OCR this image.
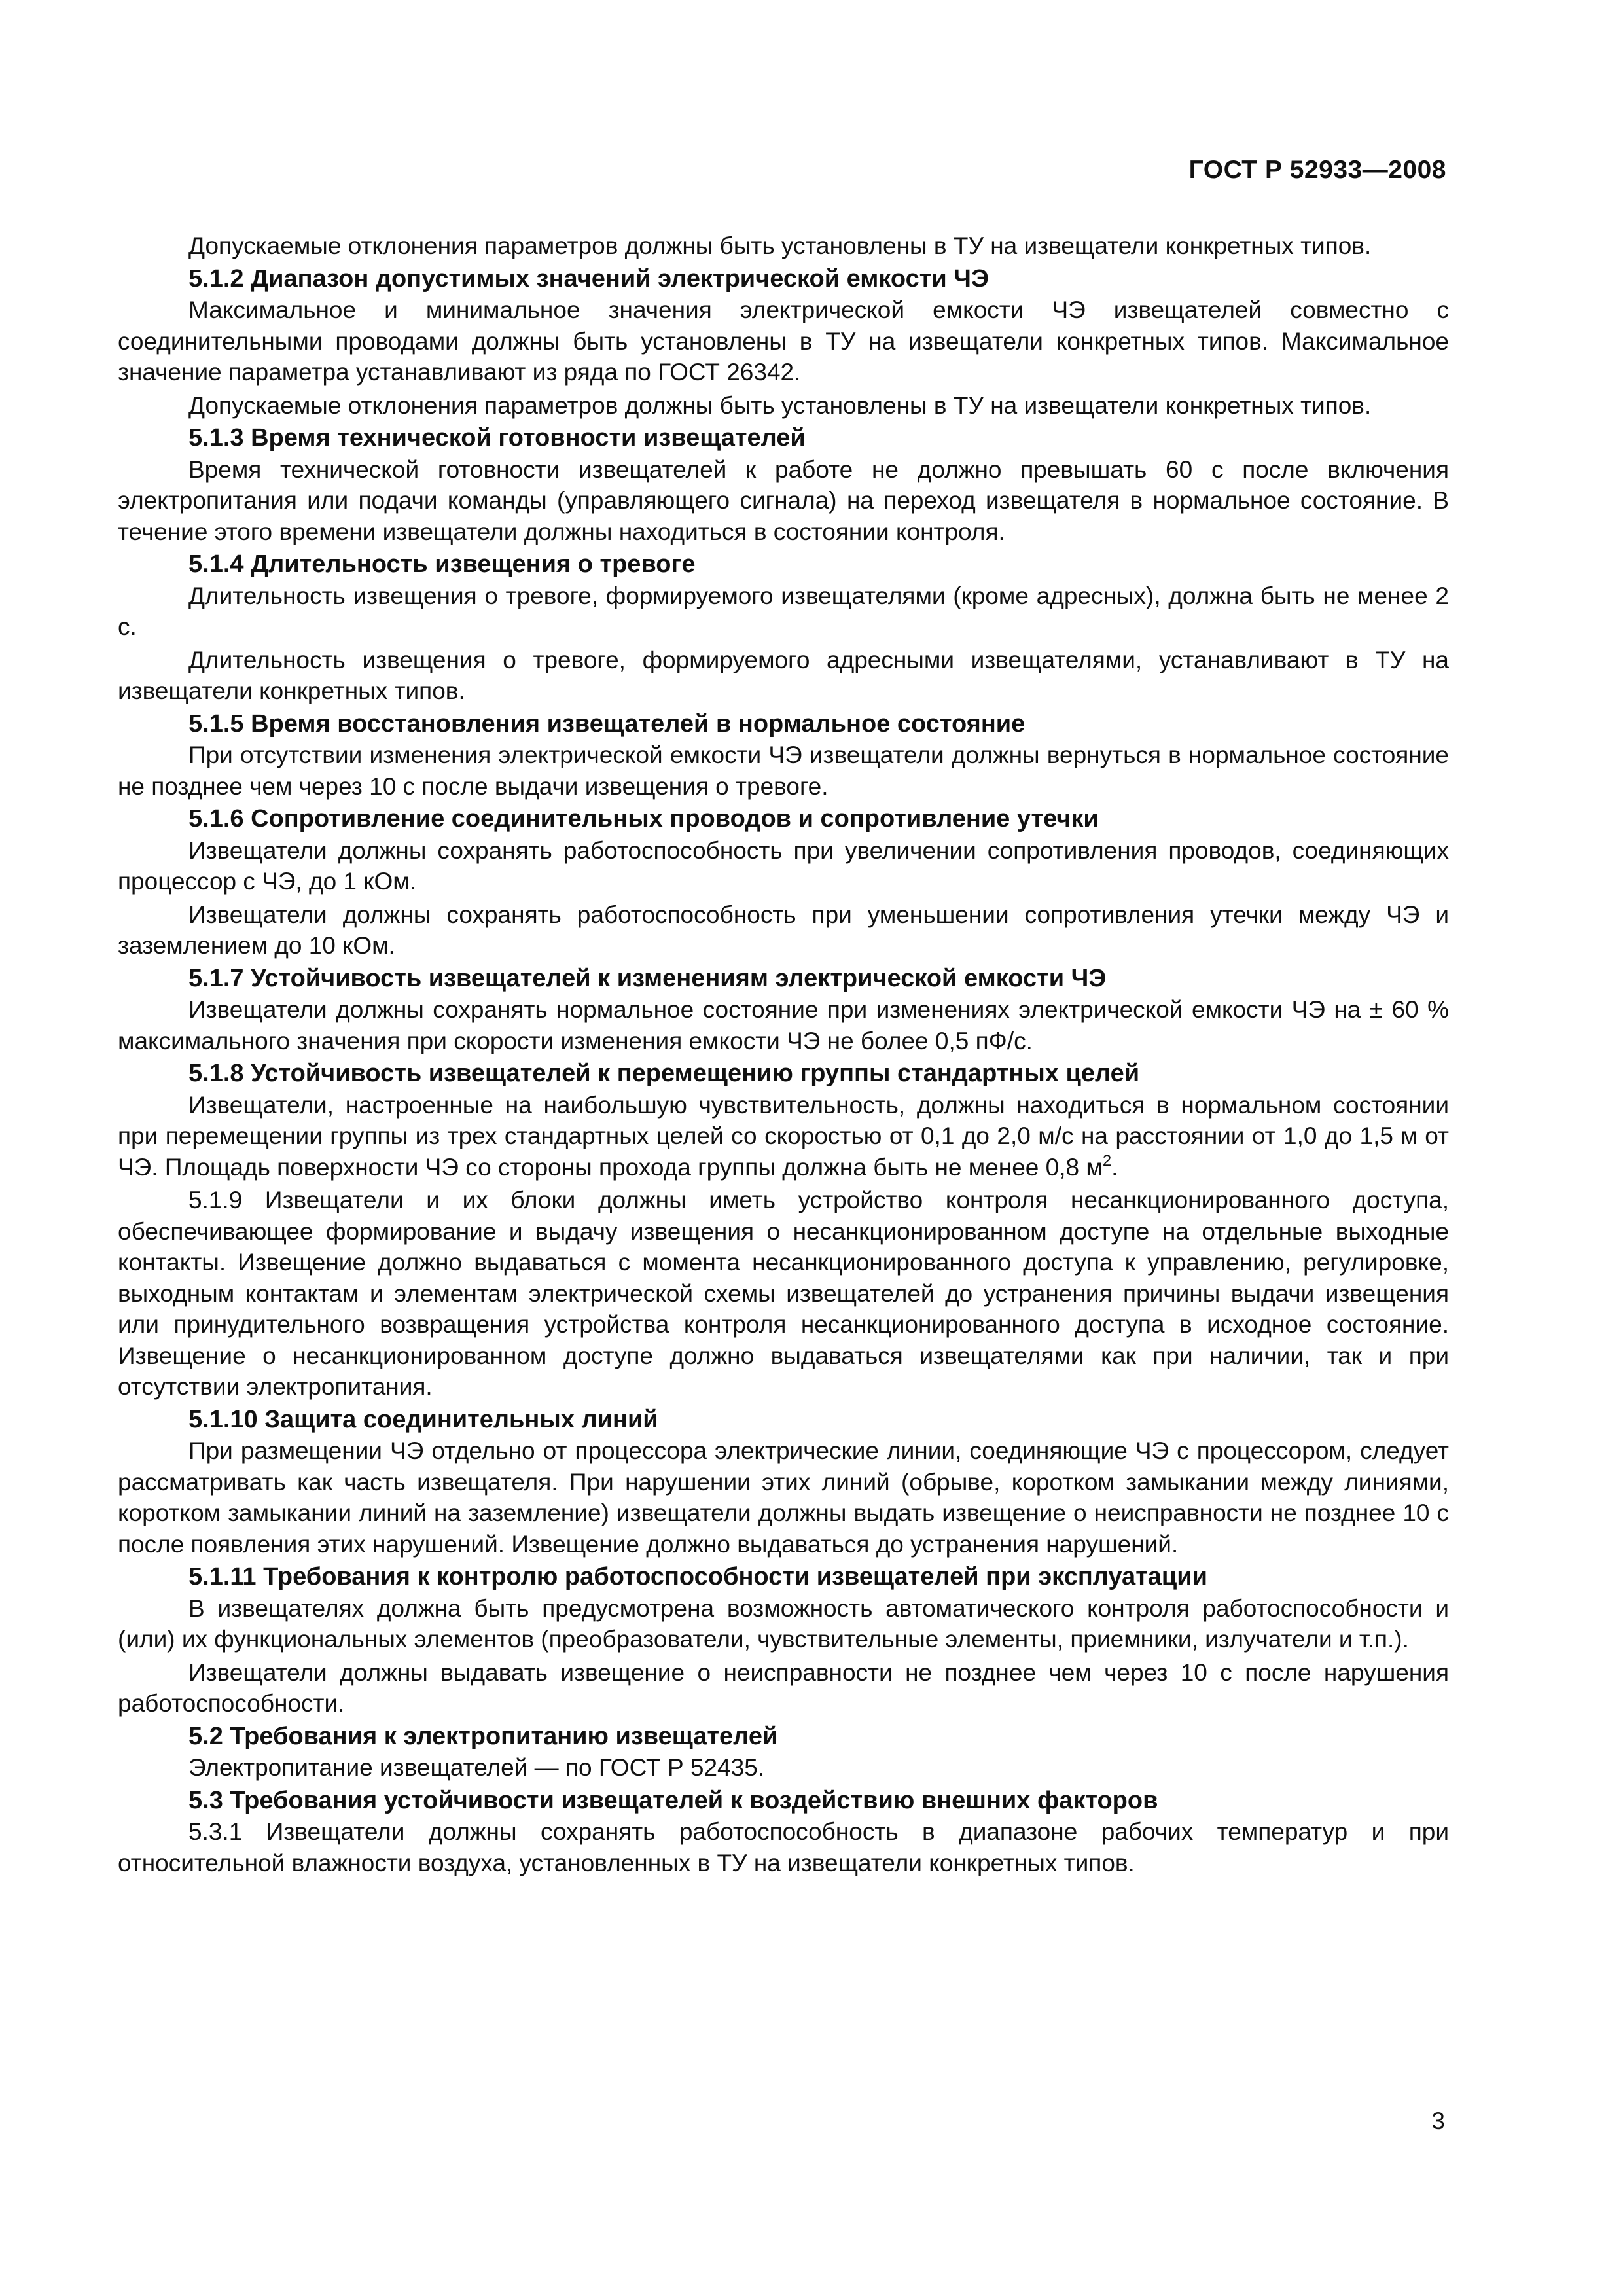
ГОСТ Р 52933—2008

Допускаемые отклонения параметров должны быть установлены в ТУ на извещатели конкретных типов.

5.1.2 Диапазон допустимых значений электрической емкости ЧЭ

Максимальное и минимальное значения электрической емкости ЧЭ извещателей совместно с соединительными проводами должны быть установлены в ТУ на извещатели конкретных типов. Максимальное значение параметра устанавливают из ряда по ГОСТ 26342.

Допускаемые отклонения параметров должны быть установлены в ТУ на извещатели конкретных типов.

5.1.3 Время технической готовности извещателей

Время технической готовности извещателей к работе не должно превышать 60 с после включения электропитания или подачи команды (управляющего сигнала) на переход извещателя в нормальное состояние. В течение этого времени извещатели должны находиться в состоянии контроля.

5.1.4 Длительность извещения о тревоге

Длительность извещения о тревоге, формируемого извещателями (кроме адресных), должна быть не менее 2 с.

Длительность извещения о тревоге, формируемого адресными извещателями, устанавливают в ТУ на извещатели конкретных типов.

5.1.5 Время восстановления извещателей в нормальное состояние

При отсутствии изменения электрической емкости ЧЭ извещатели должны вернуться в нормальное состояние не позднее чем через 10 с после выдачи извещения о тревоге.

5.1.6 Сопротивление соединительных проводов и сопротивление утечки

Извещатели должны сохранять работоспособность при увеличении сопротивления проводов, соединяющих процессор с ЧЭ, до 1 кОм.

Извещатели должны сохранять работоспособность при уменьшении сопротивления утечки между ЧЭ и заземлением до 10 кОм.

5.1.7 Устойчивость извещателей к изменениям электрической емкости ЧЭ

Извещатели должны сохранять нормальное состояние при изменениях электрической емкости ЧЭ на ± 60 % максимального значения при скорости изменения емкости ЧЭ не более 0,5 пФ/с.

5.1.8 Устойчивость извещателей к перемещению группы стандартных целей

Извещатели, настроенные на наибольшую чувствительность, должны находиться в нормальном состоянии при перемещении группы из трех стандартных целей со скоростью от 0,1 до 2,0 м/с на расстоянии от 1,0 до 1,5 м от ЧЭ. Площадь поверхности ЧЭ со стороны прохода группы должна быть не менее 0,8 $м^2$.

5.1.9 Извещатели и их блоки должны иметь устройство контроля несанкционированного доступа, обеспечивающее формирование и выдачу извещения о несанкционированном доступе на отдельные выходные контакты. Извещение должно выдаваться с момента несанкционированного доступа к управлению, регулировке, выходным контактам и элементам электрической схемы извещателей до устранения причины выдачи извещения или принудительного возвращения устройства контроля несанкционированного доступа в исходное состояние. Извещение о несанкционированном доступе должно выдаваться извещателями как при наличии, так и при отсутствии электропитания.

5.1.10 Защита соединительных линий

При размещении ЧЭ отдельно от процессора электрические линии, соединяющие ЧЭ с процессором, следует рассматривать как часть извещателя. При нарушении этих линий (обрыве, коротком замыкании между линиями, коротком замыкании линий на заземление) извещатели должны выдать извещение о неисправности не позднее 10 с после появления этих нарушений. Извещение должно выдаваться до устранения нарушений.

5.1.11 Требования к контролю работоспособности извещателей при эксплуатации

В извещателях должна быть предусмотрена возможность автоматического контроля работоспособности и (или) их функциональных элементов (преобразователи, чувствительные элементы, приемники, излучатели и т.п.).

Извещатели должны выдавать извещение о неисправности не позднее чем через 10 с после нарушения работоспособности.

5.2 Требования к электропитанию извещателей

Электропитание извещателей — по ГОСТ Р 52435.

5.3 Требования устойчивости извещателей к воздействию внешних факторов

5.3.1 Извещатели должны сохранять работоспособность в диапазоне рабочих температур и при относительной влажности воздуха, установленных в ТУ на извещатели конкретных типов.

3
